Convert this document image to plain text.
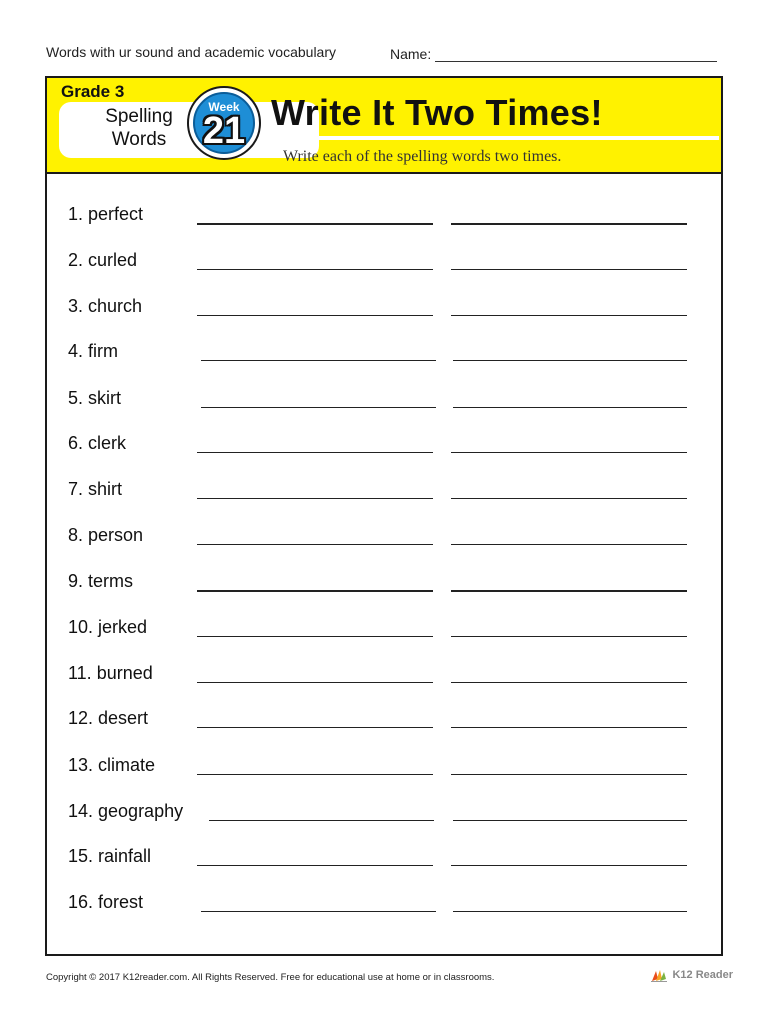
Words with ur sound and academic vocabulary	Name:
Grade 3
Spelling
Words
Week
21 Write It Two Times!
Write each of the spelling words two times.
1. perfect
2. curled
3. church
4. firm
5. skirt
6. clerk
7. shirt
8. person
9. terms
10. jerked
11. burned
12. desert
13. climate
14. geography
15. rainfall
16. forest
Copyright © 2017 K12reader.com. All Rights Reserved. Free for educational use at home or in classrooms.	K12 Reader
